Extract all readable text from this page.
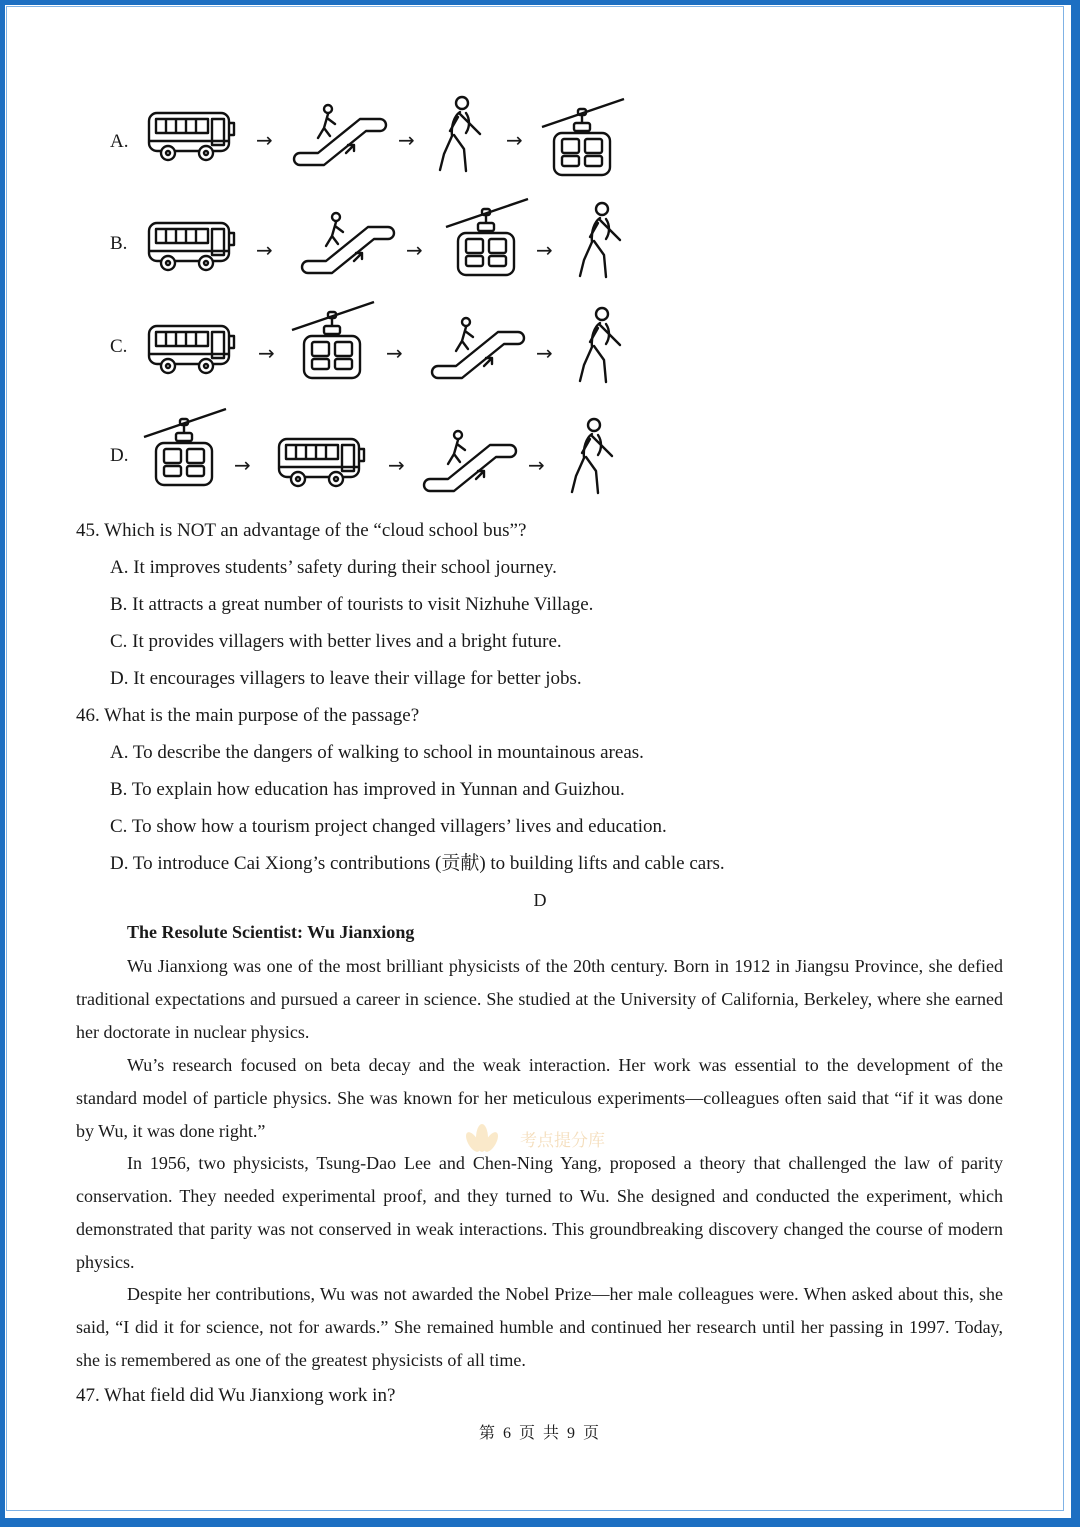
A.	→	→	→
B.	→	→	→
C.	→	→	→
D.	→	→	→
45. Which is NOT an advantage of the “cloud school bus”?
A. It improves students’ safety during their school journey.
B. It attracts a great number of tourists to visit Nizhuhe Village.
C. It provides villagers with better lives and a bright future.
D. It encourages villagers to leave their village for better jobs.
46. What is the main purpose of the passage?
A. To describe the dangers of walking to school in mountainous areas.
B. To explain how education has improved in Yunnan and Guizhou.
C. To show how a tourism project changed villagers’ lives and education.
D. To introduce Cai Xiong’s contributions (贡献) to building lifts and cable cars.
D
The Resolute Scientist: Wu Jianxiong

Wu Jianxiong was one of the most brilliant physicists of the 20th century. Born in 1912 in Jiangsu Province, she defied traditional expectations and pursued a career in science. She studied at the University of California, Berkeley, where she earned her doctorate in nuclear physics.

Wu’s research focused on beta decay and the weak interaction. Her work was essential to the development of the standard model of particle physics. She was known for her meticulous experiments—colleagues often said that “if it was done by Wu, it was done right.”

In 1956, two physicists, Tsung-Dao Lee and Chen-Ning Yang, proposed a theory that challenged the law of parity conservation. They needed experimental proof, and they turned to Wu. She designed and conducted the experiment, which demonstrated that parity was not conserved in weak interactions. This groundbreaking discovery changed the course of modern physics.

Despite her contributions, Wu was not awarded the Nobel Prize—her male colleagues were. When asked about this, she said, “I did it for science, not for awards.” She remained humble and continued her research until her passing in 1997. Today, she is remembered as one of the greatest physicists of all time.

考点提分库
47. What field did Wu Jianxiong work in?
第 6 页 共 9 页
